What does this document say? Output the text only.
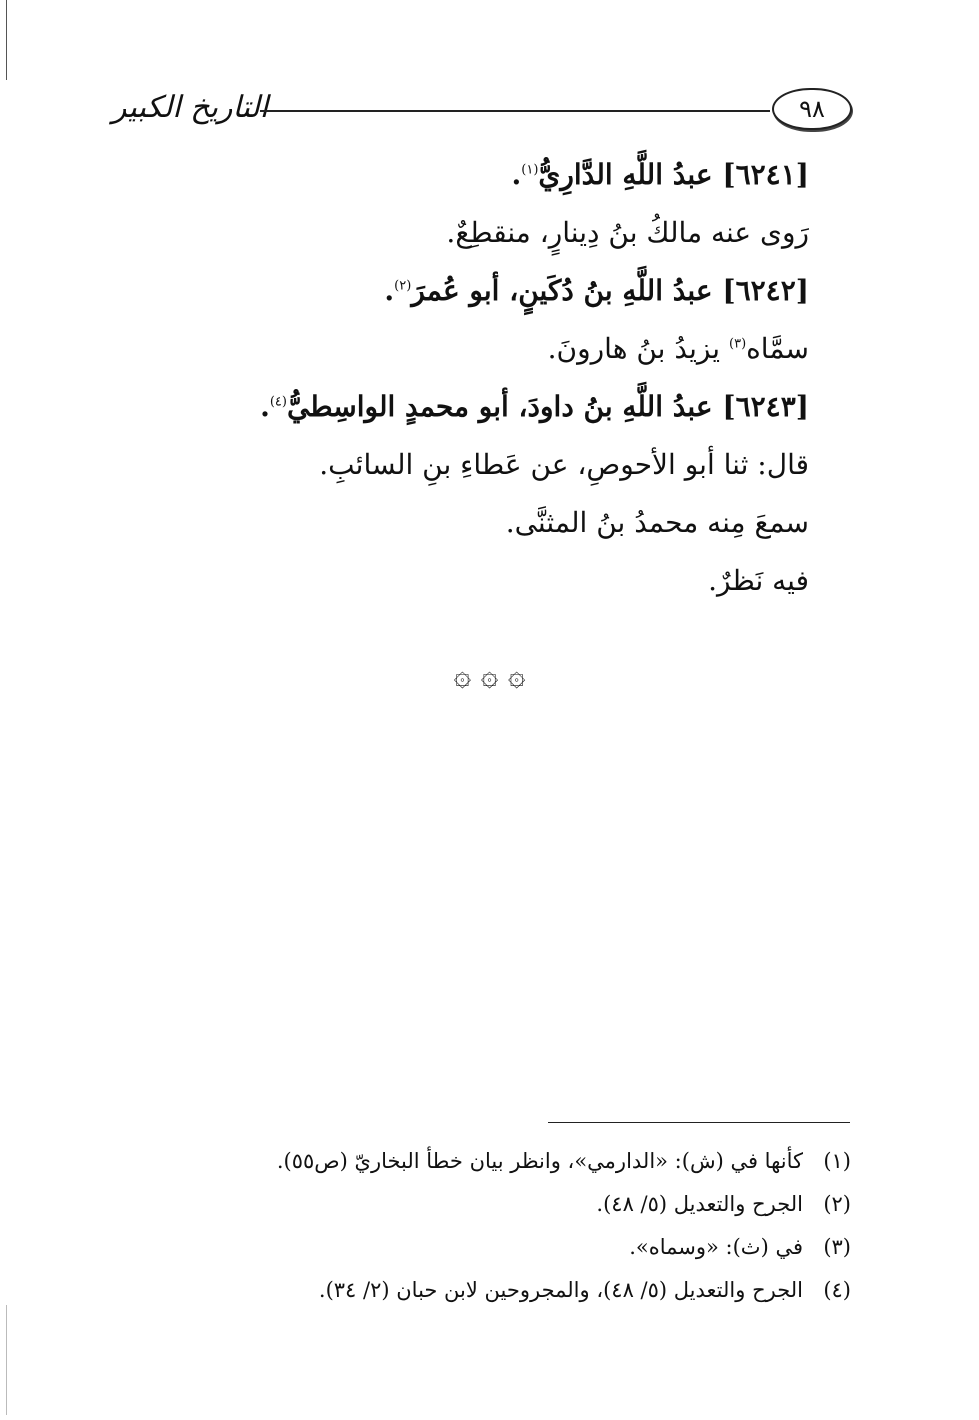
التاريخ الكبير	٩٨
[٦٢٤١] عبدُ اللَّهِ الدَّارِيُّ$^{(١)}$.
رَوى عنه مالكُ بنُ دِينارٍ، منقطِعٌ.
[٦٢٤٢] عبدُ اللَّهِ بنُ دُكَينٍ، أبو عُمرَ$^{(٢)}$.
سمَّاه$^{(٣)}$ يزيدُ بنُ هارونَ.
[٦٢٤٣] عبدُ اللَّهِ بنُ داودَ، أبو محمدٍ الواسِطيُّ$^{(٤)}$.
قال: ثنا أبو الأحوصِ، عن عَطاءِ بنِ السائبِ.
سمعَ مِنه محمدُ بنُ المثنَّى.
فيه نَظرٌ.
۞ ۞ ۞
(١)كأنها في (ش): «الدارمي»، وانظر بيان خطأ البخاريّ (ص٥٥).
(٢)الجرح والتعديل (٥/ ٤٨).
(٣)في (ث): «وسماه».
(٤)الجرح والتعديل (٥/ ٤٨)، والمجروحين لابن حبان (٢/ ٣٤).
